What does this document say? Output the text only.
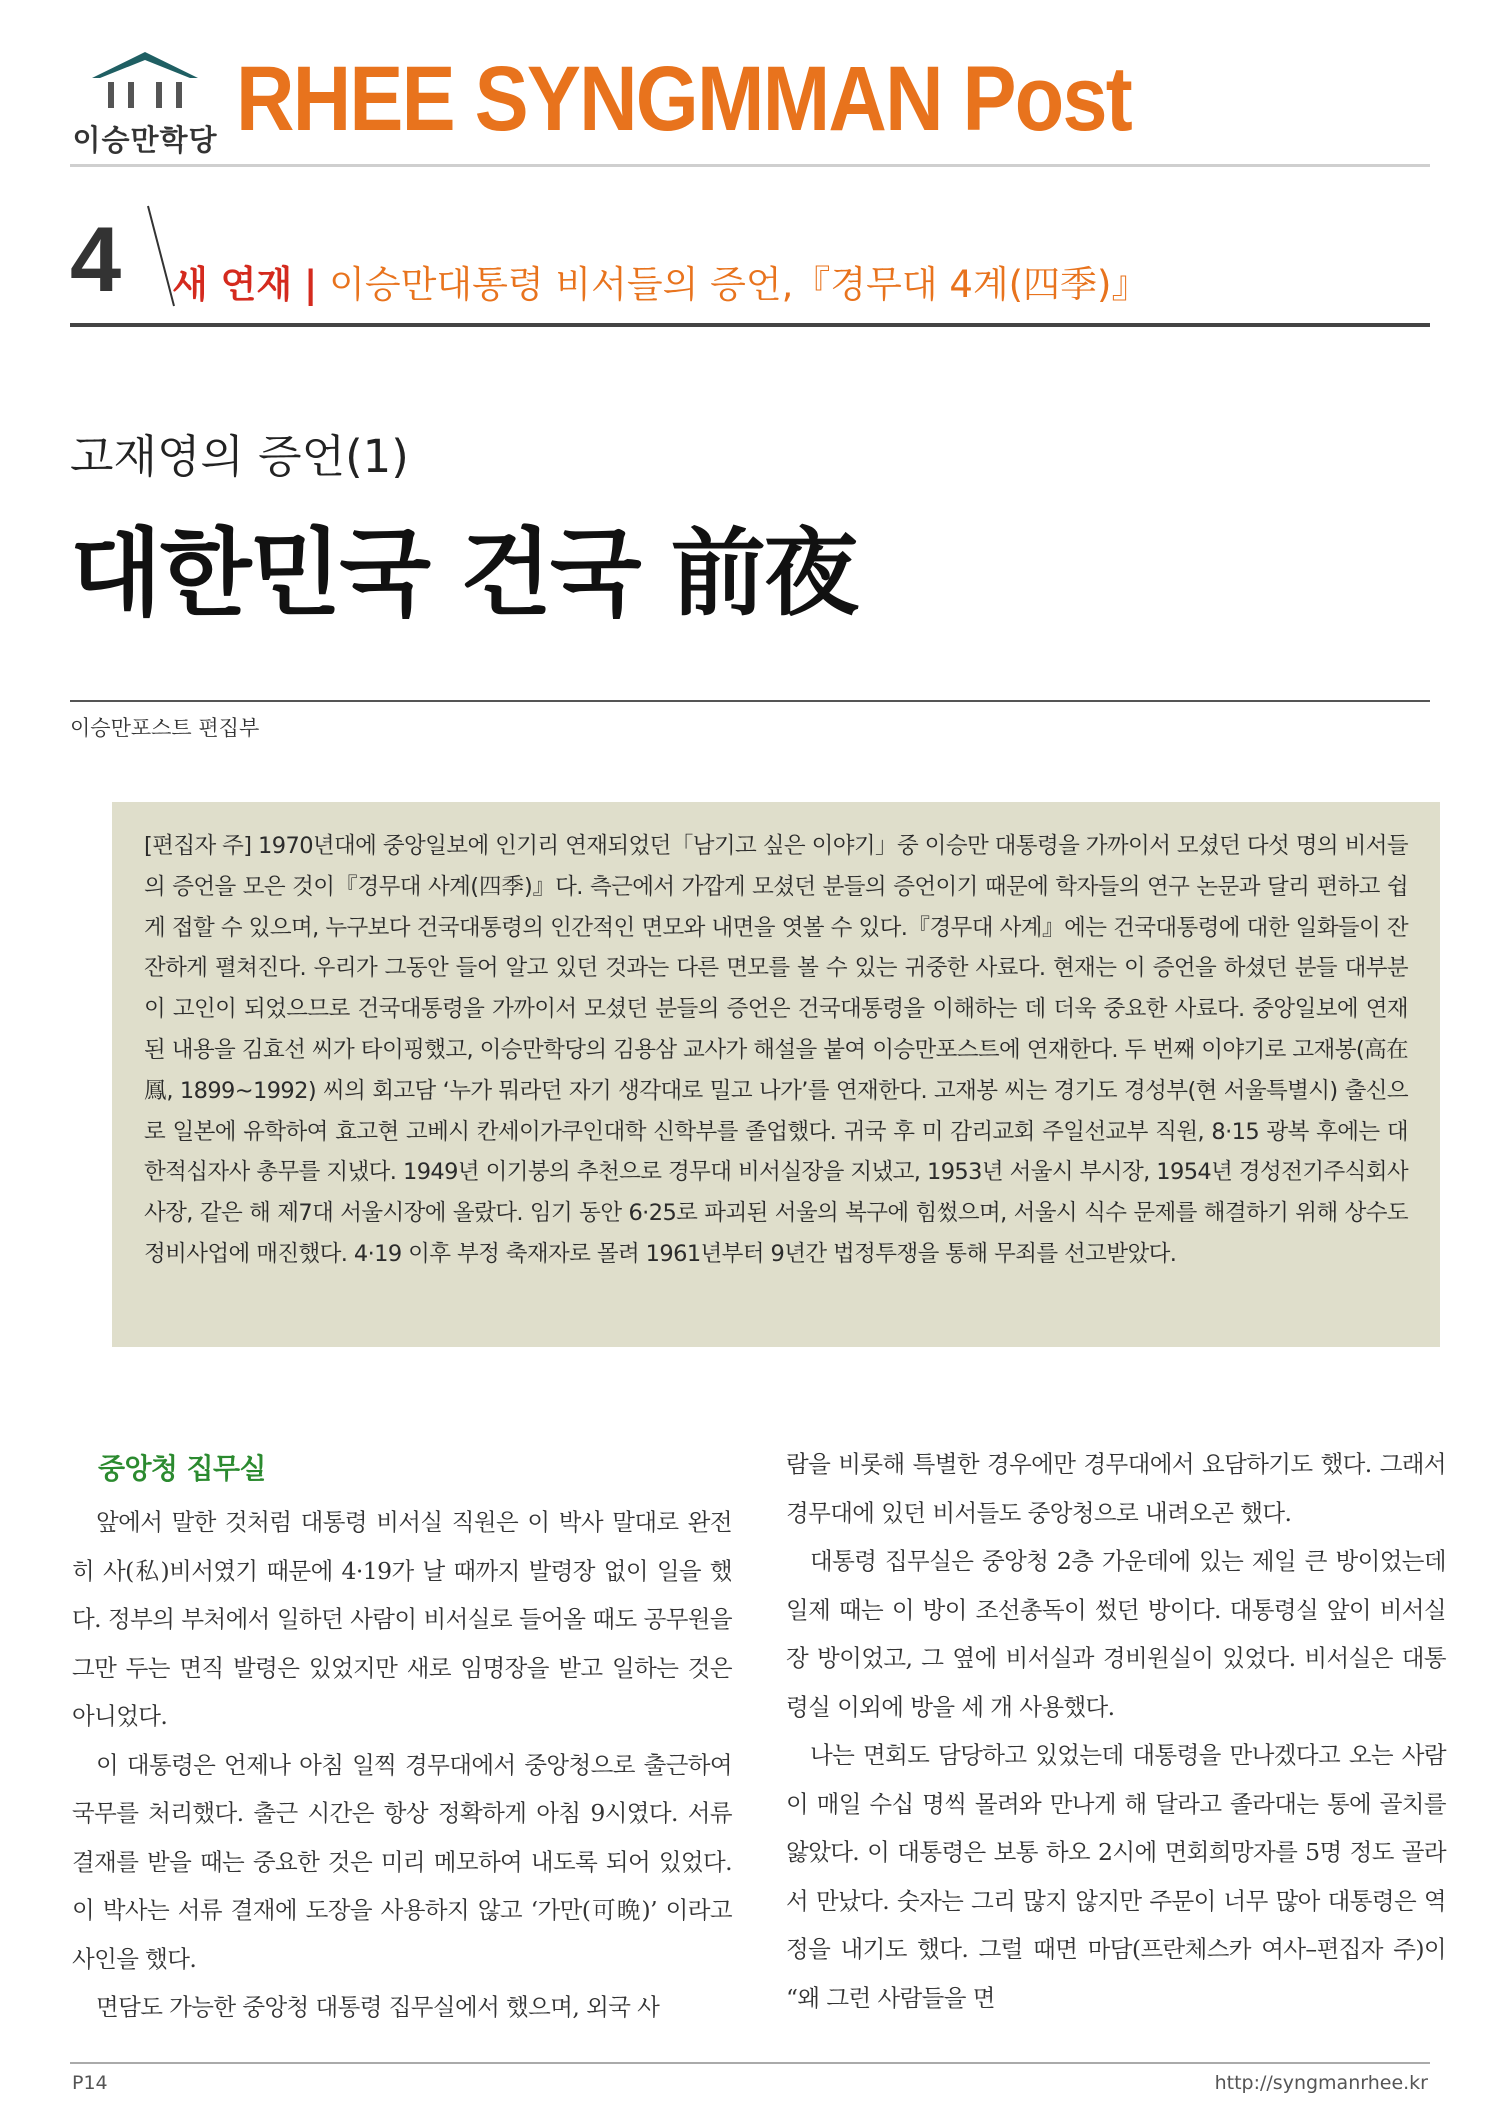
이승만학당 RHEE SYNGMMAN Post
4 새 연재 | 이승만대통령 비서들의 증언,『경무대 4계(四季)』
고재영의 증언(1)
대한민국 건국 前夜
이승만포스트 편집부

[편집자 주] 1970년대에 중앙일보에 인기리 연재되었던「남기고 싶은 이야기」중 이승만 대통령을 가까이서 모셨던 다섯 명의 비서들의 증언을 모은 것이『경무대 사계(四季)』다. 측근에서 가깝게 모셨던 분들의 증언이기 때문에 학자들의 연구 논문과 달리 편하고 쉽게 접할 수 있으며, 누구보다 건국대통령의 인간적인 면모와 내면을 엿볼 수 있다.『경무대 사계』에는 건국대통령에 대한 일화들이 잔잔하게 펼쳐진다. 우리가 그동안 들어 알고 있던 것과는 다른 면모를 볼 수 있는 귀중한 사료다. 현재는 이 증언을 하셨던 분들 대부분이 고인이 되었으므로 건국대통령을 가까이서 모셨던 분들의 증언은 건국대통령을 이해하는 데 더욱 중요한 사료다. 중앙일보에 연재된 내용을 김효선 씨가 타이핑했고, 이승만학당의 김용삼 교사가 해설을 붙여 이승만포스트에 연재한다. 두 번째 이야기로 고재봉(高在鳳, 1899~1992) 씨의 회고담 ‘누가 뭐라던 자기 생각대로 밀고 나가’를 연재한다. 고재봉 씨는 경기도 경성부(현 서울특별시) 출신으로 일본에 유학하여 효고현 고베시 칸세이가쿠인대학 신학부를 졸업했다. 귀국 후 미 감리교회 주일선교부 직원, 8·15 광복 후에는 대한적십자사 총무를 지냈다. 1949년 이기붕의 추천으로 경무대 비서실장을 지냈고, 1953년 서울시 부시장, 1954년 경성전기주식회사 사장, 같은 해 제7대 서울시장에 올랐다. 임기 동안 6·25로 파괴된 서울의 복구에 힘썼으며, 서울시 식수 문제를 해결하기 위해 상수도 정비사업에 매진했다. 4·19 이후 부정 축재자로 몰려 1961년부터 9년간 법정투쟁을 통해 무죄를 선고받았다.

중앙청 집무실

앞에서 말한 것처럼 대통령 비서실 직원은 이 박사 말대로 완전히 사(私)비서였기 때문에 4·19가 날 때까지 발령장 없이 일을 했다. 정부의 부처에서 일하던 사람이 비서실로 들어올 때도 공무원을 그만 두는 면직 발령은 있었지만 새로 임명장을 받고 일하는 것은 아니었다.

이 대통령은 언제나 아침 일찍 경무대에서 중앙청으로 출근하여 국무를 처리했다. 출근 시간은 항상 정확하게 아침 9시였다. 서류 결재를 받을 때는 중요한 것은 미리 메모하여 내도록 되어 있었다. 이 박사는 서류 결재에 도장을 사용하지 않고 ‘가만(可晩)’ 이라고 사인을 했다.

면담도 가능한 중앙청 대통령 집무실에서 했으며, 외국 사

람을 비롯해 특별한 경우에만 경무대에서 요담하기도 했다. 그래서 경무대에 있던 비서들도 중앙청으로 내려오곤 했다.

대통령 집무실은 중앙청 2층 가운데에 있는 제일 큰 방이었는데 일제 때는 이 방이 조선총독이 썼던 방이다. 대통령실 앞이 비서실장 방이었고, 그 옆에 비서실과 경비원실이 있었다. 비서실은 대통령실 이외에 방을 세 개 사용했다.

나는 면회도 담당하고 있었는데 대통령을 만나겠다고 오는 사람이 매일 수십 명씩 몰려와 만나게 해 달라고 졸라대는 통에 골치를 앓았다. 이 대통령은 보통 하오 2시에 면회희망자를 5명 정도 골라서 만났다. 숫자는 그리 많지 않지만 주문이 너무 많아 대통령은 역정을 내기도 했다. 그럴 때면 마담(프란체스카 여사–편집자 주)이 “왜 그런 사람들을 면

P14	http://syngmanrhee.kr
